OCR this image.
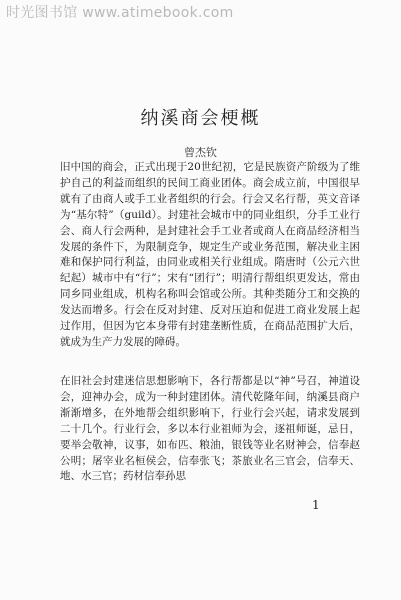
时光图书馆 www.atimebook.com
纳溪商会梗概
曾杰钦
旧中国的商会，正式出现于20世纪初，它是民族资产阶级为了维护自己的利益而组织的民间工商业团体。商会成立前，中国很早就有了由商人或手工业者组织的行会。行会又名行帮，英文音译为“基尔特”（guild）。封建社会城市中的同业组织，分手工业行会、商人行会两种，是封建社会手工业者或商人在商品经济相当发展的条件下，为限制竞争，规定生产或业务范围，解决业主困难和保护同行利益，由同业或相关行业组成。隋唐时（公元六世纪起）城市中有“行”；宋有“团行”；明清行帮组织更发达，常由同乡同业组成，机构名称叫会馆或公所。其种类随分工和交换的发达而增多。行会在反对封建、反对压迫和促进工商业发展上起过作用，但因为它本身带有封建垄断性质，在商品范围扩大后，就成为生产力发展的障碍。
在旧社会封建迷信思想影响下，各行帮都是以“神”号召，神道设会，迎神办会，成为一种封建团体。清代乾隆年间，纳溪县商户渐渐增多，在外地帮会组织影响下，行业行会兴起，请求发展到二十几个。行业行会，多以本行业祖师为会，逐祖师诞，忌日，要举会敬神，议事，如布匹、粮油，银钱等业名财神会，信奉赵公明；屠宰业名桓侯会，信奉张飞；茶旅业名三官会，信奉天、地、水三官；药材信奉孙思
1
